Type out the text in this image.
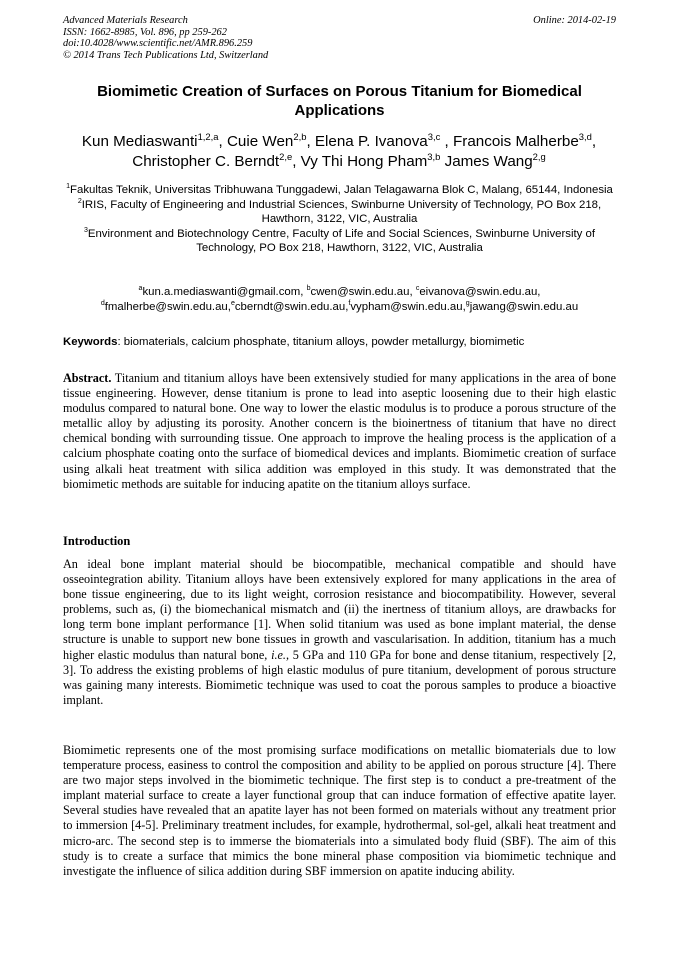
Advanced Materials Research
ISSN: 1662-8985, Vol. 896, pp 259-262
doi:10.4028/www.scientific.net/AMR.896.259
© 2014 Trans Tech Publications Ltd, Switzerland
Online: 2014-02-19
Biomimetic Creation of Surfaces on Porous Titanium for Biomedical Applications
Kun Mediaswanti$^{1,2,a}$, Cuie Wen$^{2,b}$, Elena P. Ivanova$^{3,c}$ , Francois Malherbe$^{3,d}$, Christopher C. Berndt$^{2,e}$, Vy Thi Hong Pham$^{3,b}$ James Wang$^{2,g}$

$^1$Fakultas Teknik, Universitas Tribhuwana Tunggadewi, Jalan Telagawarna Blok C, Malang, 65144, Indonesia

$^2$IRIS, Faculty of Engineering and Industrial Sciences, Swinburne University of Technology, PO Box 218, Hawthorn, 3122, VIC, Australia

$^3$Environment and Biotechnology Centre, Faculty of Life and Social Sciences, Swinburne University of Technology, PO Box 218, Hawthorn, 3122, VIC, Australia

$^a$kun.a.mediaswanti@gmail.com, $^b$cwen@swin.edu.au, $^c$eivanova@swin.edu.au,
$^d$fmalherbe@swin.edu.au,$^e$cberndt@swin.edu.au,$^f$vypham@swin.edu.au,$^g$jawang@swin.edu.au
Keywords: biomaterials, calcium phosphate, titanium alloys, powder metallurgy, biomimetic

Abstract. Titanium and titanium alloys have been extensively studied for many applications in the area of bone tissue engineering. However, dense titanium is prone to lead into aseptic loosening due to their high elastic modulus compared to natural bone. One way to lower the elastic modulus is to produce a porous structure of the metallic alloy by adjusting its porosity. Another concern is the bioinertness of titanium that have no direct chemical bonding with surrounding tissue. One approach to improve the healing process is the application of a calcium phosphate coating onto the surface of biomedical devices and implants. Biomimetic creation of surface using alkali heat treatment with silica addition was employed in this study. It was demonstrated that the biomimetic methods are suitable for inducing apatite on the titanium alloys surface.

Introduction

An ideal bone implant material should be biocompatible, mechanical compatible and should have osseointegration ability. Titanium alloys have been extensively explored for many applications in the area of bone tissue engineering, due to its light weight, corrosion resistance and biocompatibility. However, several problems, such as, (i) the biomechanical mismatch and (ii) the inertness of titanium alloys, are drawbacks for long term bone implant performance [1]. When solid titanium was used as bone implant material, the dense structure is unable to support new bone tissues in growth and vascularisation. In addition, titanium has a much higher elastic modulus than natural bone, i.e., 5 GPa and 110 GPa for bone and dense titanium, respectively [2, 3]. To address the existing problems of high elastic modulus of pure titanium, development of porous structure was gaining many interests. Biomimetic technique was used to coat the porous samples to produce a bioactive implant.

Biomimetic represents one of the most promising surface modifications on metallic biomaterials due to low temperature process, easiness to control the composition and ability to be applied on porous structure [4]. There are two major steps involved in the biomimetic technique. The first step is to conduct a pre-treatment of the implant material surface to create a layer functional group that can induce formation of effective apatite layer. Several studies have revealed that an apatite layer has not been formed on materials without any treatment prior to immersion [4-5]. Preliminary treatment includes, for example, hydrothermal, sol-gel, alkali heat treatment and micro-arc. The second step is to immerse the biomaterials into a simulated body fluid (SBF). The aim of this study is to create a surface that mimics the bone mineral phase composition via biomimetic technique and investigate the influence of silica addition during SBF immersion on apatite inducing ability.
